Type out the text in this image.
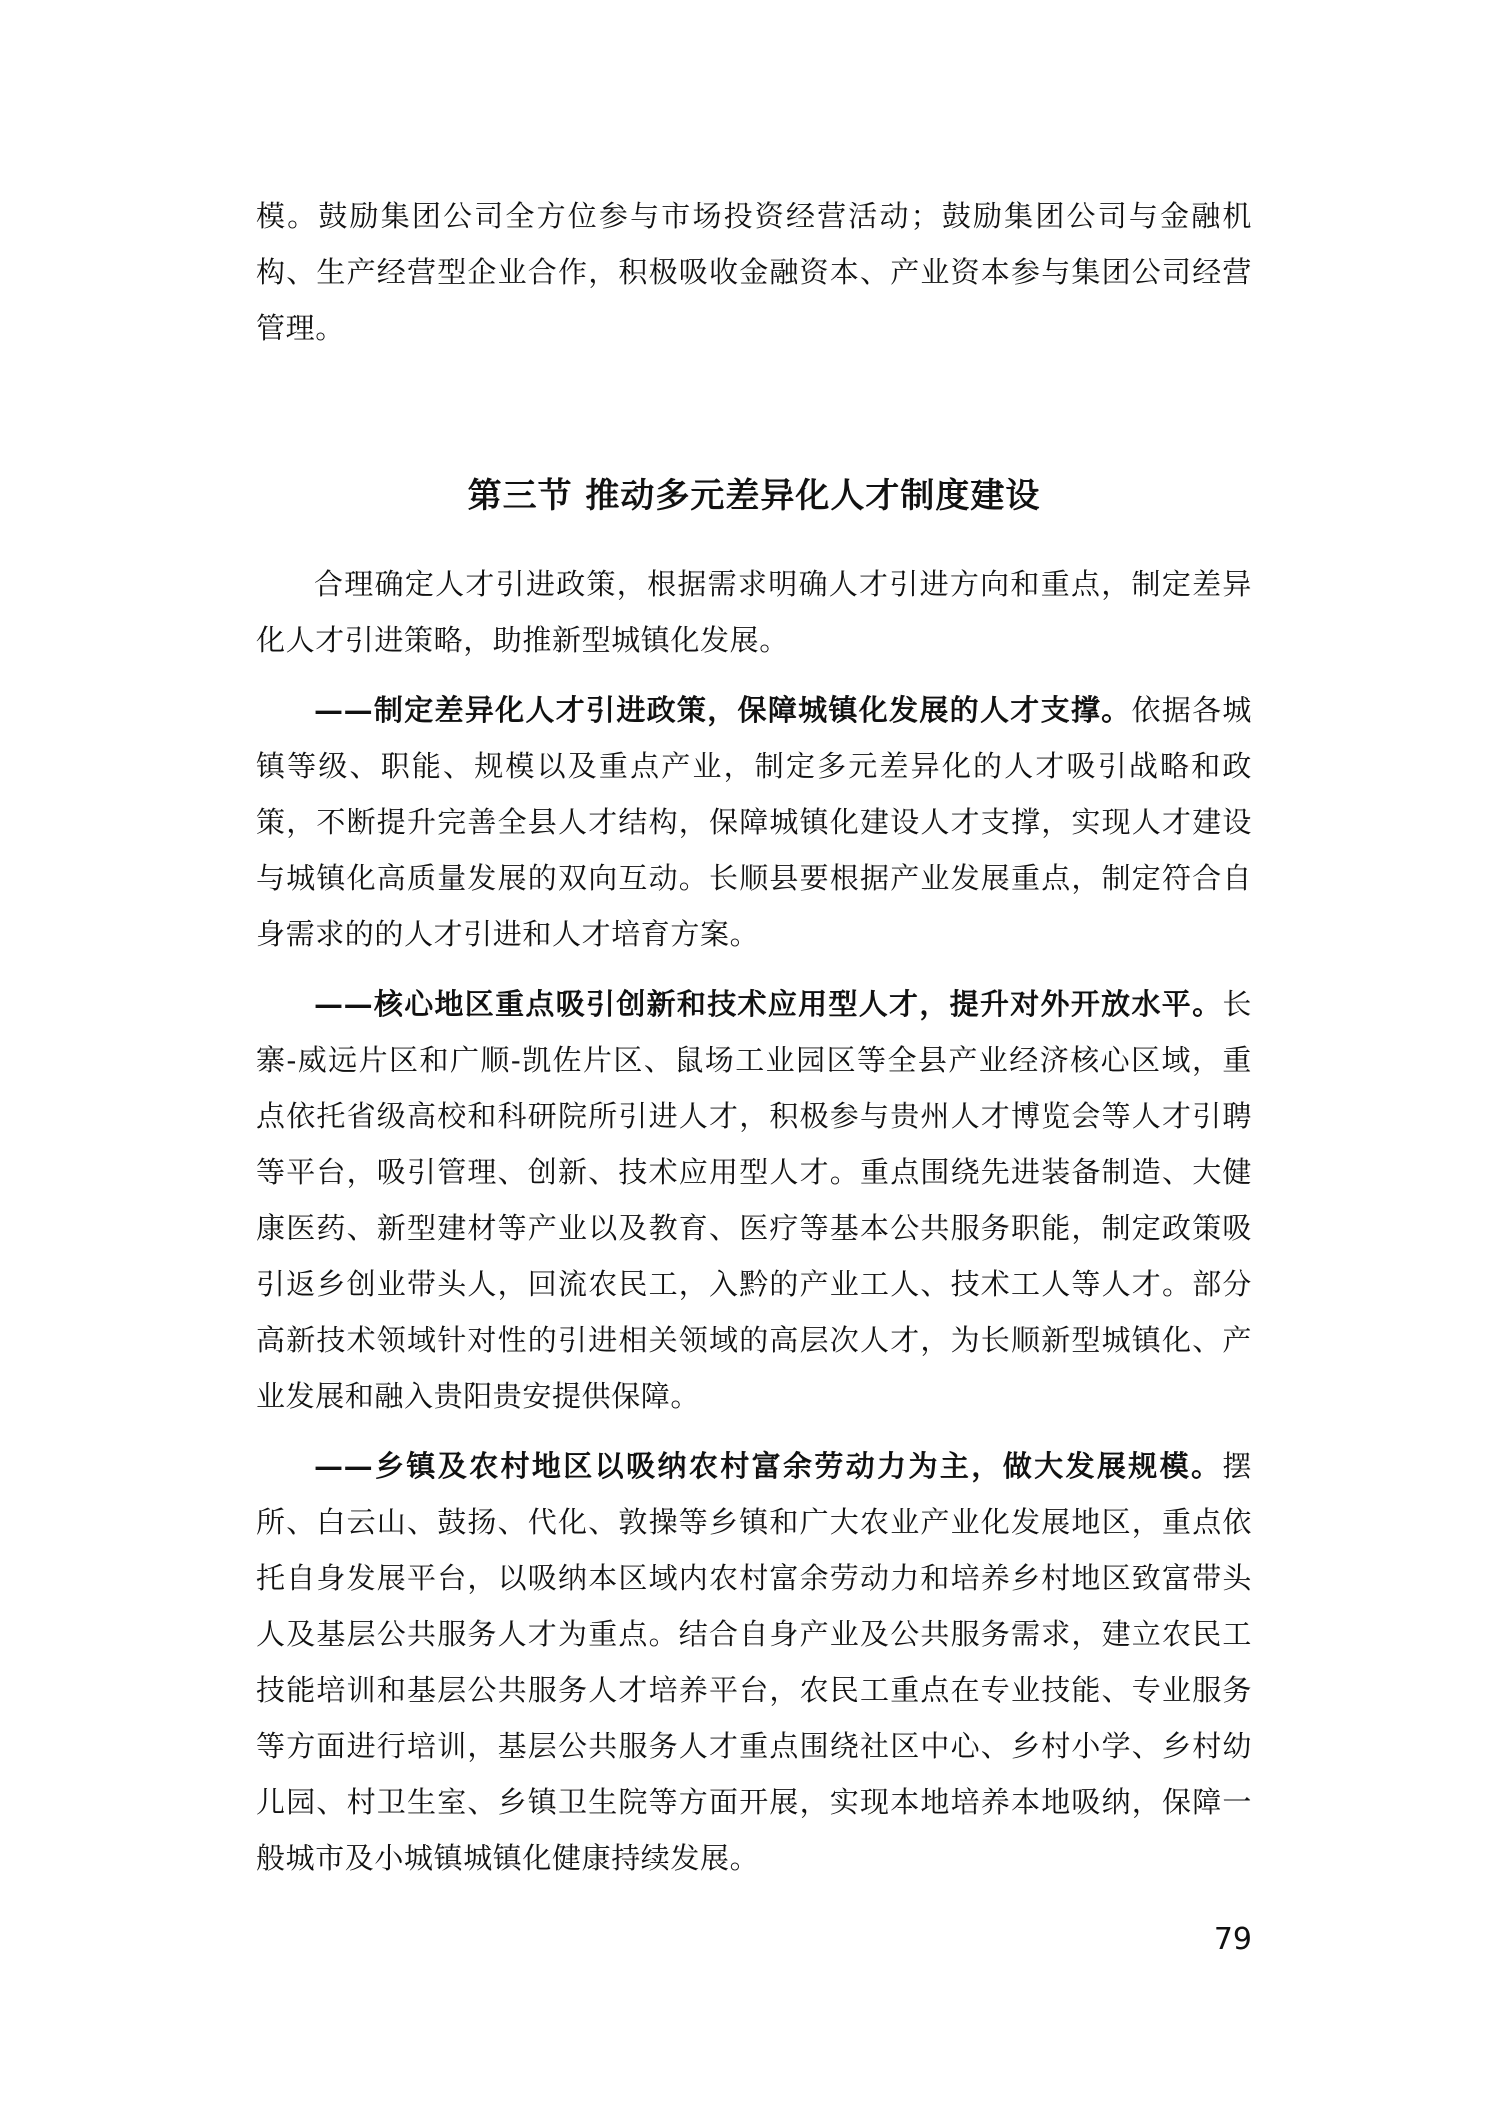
模。鼓励集团公司全方位参与市场投资经营活动；鼓励集团公司与金融机构、生产经营型企业合作，积极吸收金融资本、产业资本参与集团公司经营管理。

第三节 推动多元差异化人才制度建设

合理确定人才引进政策，根据需求明确人才引进方向和重点，制定差异化人才引进策略，助推新型城镇化发展。

——制定差异化人才引进政策，保障城镇化发展的人才支撑。依据各城镇等级、职能、规模以及重点产业，制定多元差异化的人才吸引战略和政策，不断提升完善全县人才结构，保障城镇化建设人才支撑，实现人才建设与城镇化高质量发展的双向互动。长顺县要根据产业发展重点，制定符合自身需求的的人才引进和人才培育方案。

——核心地区重点吸引创新和技术应用型人才，提升对外开放水平。长寨-威远片区和广顺-凯佐片区、鼠场工业园区等全县产业经济核心区域，重点依托省级高校和科研院所引进人才，积极参与贵州人才博览会等人才引聘等平台，吸引管理、创新、技术应用型人才。重点围绕先进装备制造、大健康医药、新型建材等产业以及教育、医疗等基本公共服务职能，制定政策吸引返乡创业带头人，回流农民工，入黔的产业工人、技术工人等人才。部分高新技术领域针对性的引进相关领域的高层次人才，为长顺新型城镇化、产业发展和融入贵阳贵安提供保障。

——乡镇及农村地区以吸纳农村富余劳动力为主，做大发展规模。摆所、白云山、鼓扬、代化、敦操等乡镇和广大农业产业化发展地区，重点依托自身发展平台，以吸纳本区域内农村富余劳动力和培养乡村地区致富带头人及基层公共服务人才为重点。结合自身产业及公共服务需求，建立农民工技能培训和基层公共服务人才培养平台，农民工重点在专业技能、专业服务等方面进行培训，基层公共服务人才重点围绕社区中心、乡村小学、乡村幼儿园、村卫生室、乡镇卫生院等方面开展，实现本地培养本地吸纳，保障一般城市及小城镇城镇化健康持续发展。

79
